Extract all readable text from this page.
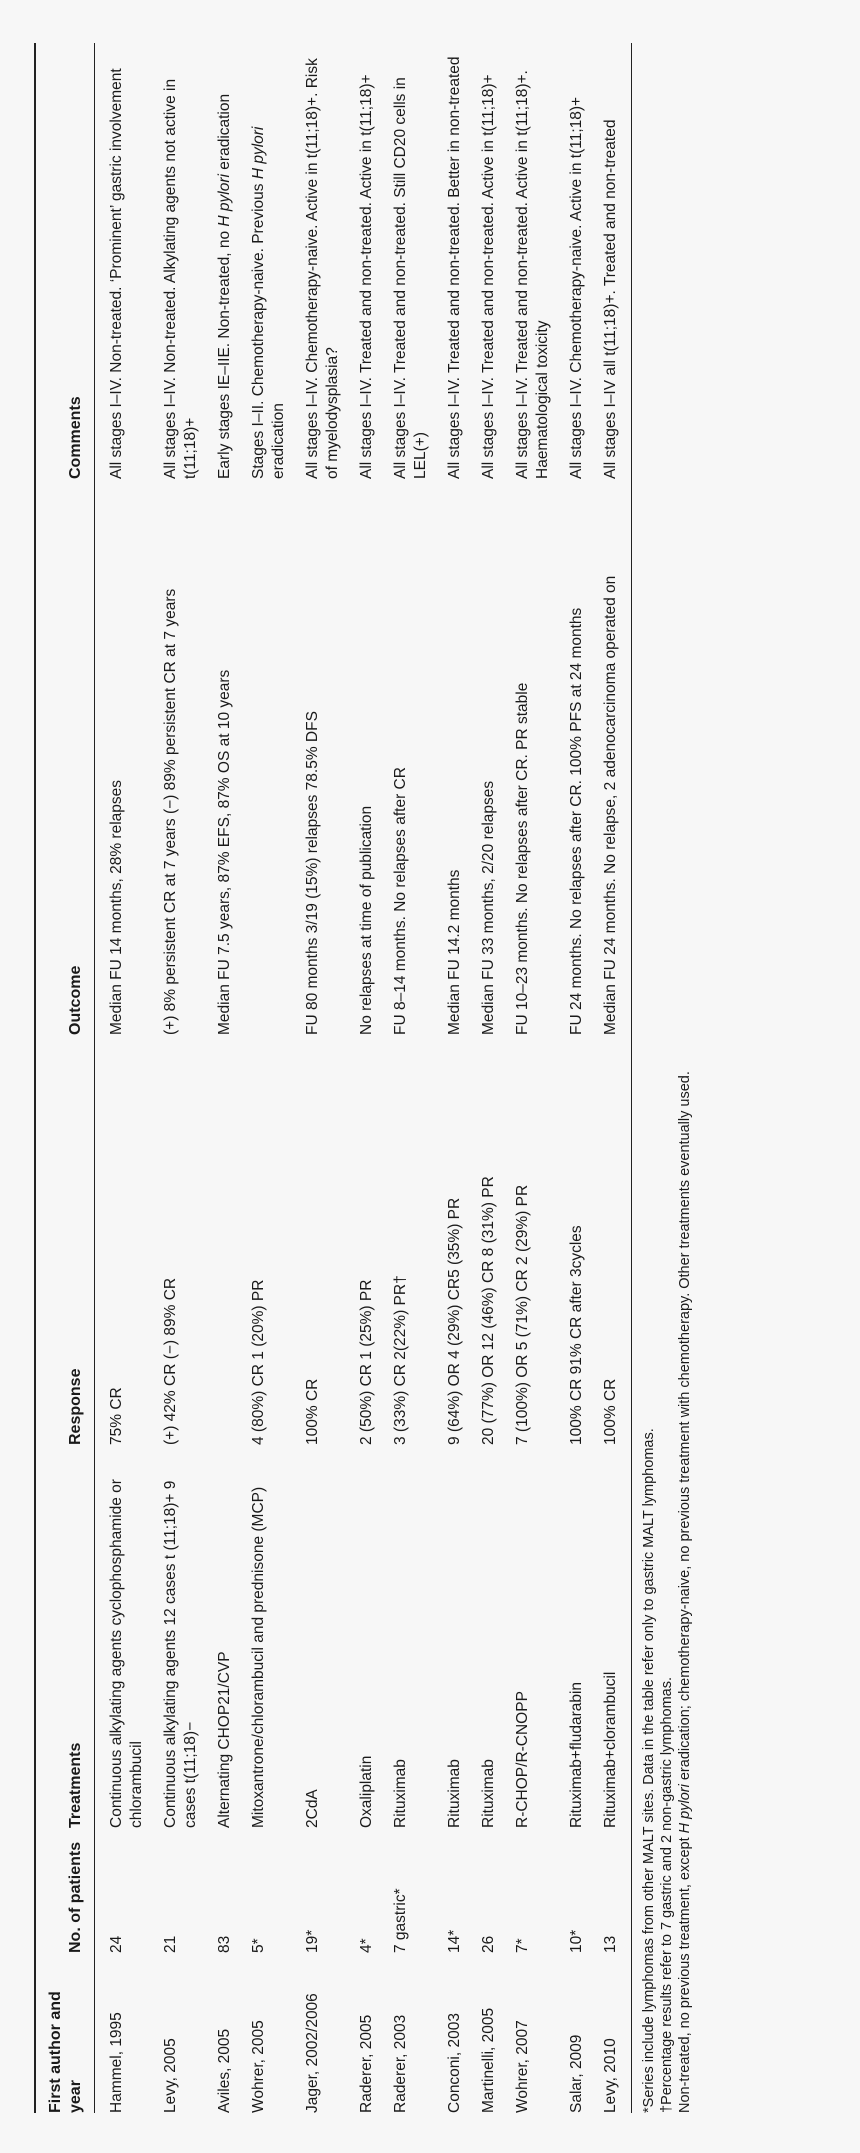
First author and year	No. of patients	Treatments	Response	Outcome	Comments
Hammel, 1995	24	Continuous alkylating agents cyclophosphamide or chlorambucil	75% CR	Median FU 14 months, 28% relapses	All stages I–IV. Non-treated. ‘Prominent’ gastric involvement
Levy, 2005	21	Continuous alkylating agents 12 cases t (11;18)+ 9 cases t(11;18)−	(+) 42% CR (−) 89% CR	(+) 8% persistent CR at 7 years (−) 89% persistent CR at 7 years	All stages I–IV. Non-treated. Alkylating agents not active in t(11;18)+
Aviles, 2005	83	Alternating CHOP21/CVP		Median FU 7.5 years, 87% EFS, 87% OS at 10 years	Early stages IE–IIE. Non-treated, no H pylori eradication
Wohrer, 2005	5*	Mitoxantrone/chlorambucil and prednisone (MCP)	4 (80%) CR 1 (20%) PR		Stages I–II. Chemotherapy-naive. Previous H pylori eradication
Jager, 2002/2006	19*	2CdA	100% CR	FU 80 months 3/19 (15%) relapses 78.5% DFS	All stages I–IV. Chemotherapy-naive. Active in t(11;18)+. Risk of myelodysplasia?
Raderer, 2005	4*	Oxaliplatin	2 (50%) CR 1 (25%) PR	No relapses at time of publication	All stages I–IV. Treated and non-treated. Active in t(11;18)+
Raderer, 2003	7 gastric*	Rituximab	3 (33%) CR 2(22%) PR†	FU 8–14 months. No relapses after CR	All stages I–IV. Treated and non-treated. Still CD20 cells in LEL(+)
Conconi, 2003	14*	Rituximab	9 (64%) OR 4 (29%) CR5 (35%) PR	Median FU 14.2 months	All stages I–IV. Treated and non-treated. Better in non-treated
Martinelli, 2005	26	Rituximab	20 (77%) OR 12 (46%) CR 8 (31%) PR	Median FU 33 months, 2/20 relapses	All stages I–IV. Treated and non-treated. Active in t(11;18)+
Wohrer, 2007	7*	R-CHOP/R-CNOPP	7 (100%) OR 5 (71%) CR 2 (29%) PR	FU 10–23 months. No relapses after CR. PR stable	All stages I–IV. Treated and non-treated. Active in t(11;18)+. Haematological toxicity
Salar, 2009	10*	Rituximab+fludarabin	100% CR 91% CR after 3cycles	FU 24 months. No relapses after CR. 100% PFS at 24 months	All stages I–IV. Chemotherapy-naive. Active in t(11;18)+
Levy, 2010	13	Rituximab+clorambucil	100% CR	Median FU 24 months. No relapse, 2 adenocarcinoma operated on	All stages I–IV all t(11;18)+. Treated and non-treated
*Series include lymphomas from other MALT sites. Data in the table refer only to gastric MALT lymphomas. †Percentage results refer to 7 gastric and 2 non-gastric lymphomas. Non-treated, no previous treatment, except H pylori eradication; chemotherapy-naive, no previous treatment with chemotherapy. Other treatments eventually used.
